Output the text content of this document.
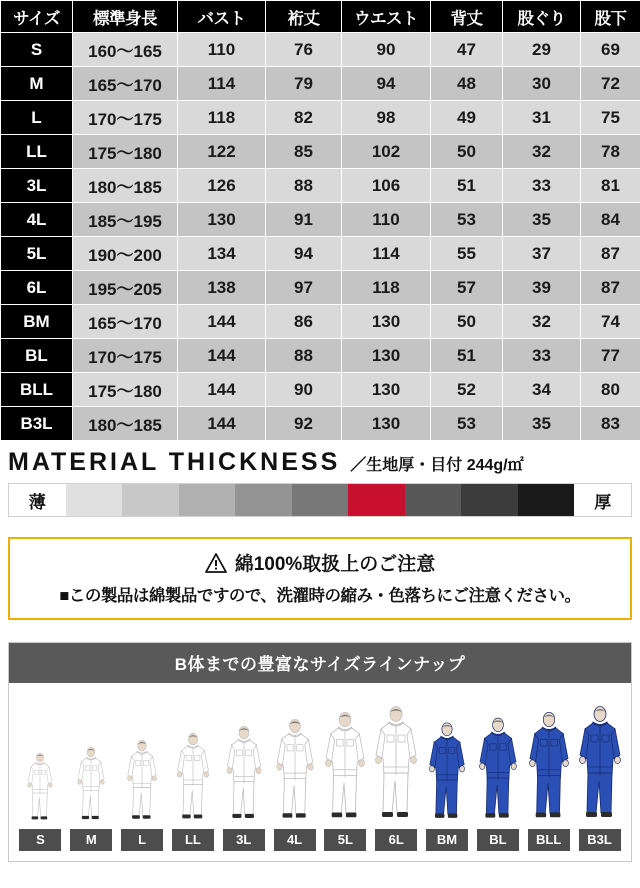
サイズ	標準身長	バスト	裄丈	ウエスト	背丈	股ぐり	股下
S	160〜165	110	76	90	47	29	69
M	165〜170	114	79	94	48	30	72
L	170〜175	118	82	98	49	31	75
LL	175〜180	122	85	102	50	32	78
3L	180〜185	126	88	106	51	33	81
4L	185〜195	130	91	110	53	35	84
5L	190〜200	134	94	114	55	37	87
6L	195〜205	138	97	118	57	39	87
BM	165〜170	144	86	130	50	32	74
BL	170〜175	144	88	130	51	33	77
BLL	175〜180	144	90	130	52	34	80
B3L	180〜185	144	92	130	53	35	83
MATERIAL THICKNESS ／生地厚・目付 244g/㎡
薄	厚
綿100%取扱上のご注意
■この製品は綿製品ですので、洗濯時の縮み・色落ちにご注意ください。
B体までの豊富なサイズラインナップ
S	M	L	LL	3L	4L	5L	6L	BM	BL	BLL	B3L
